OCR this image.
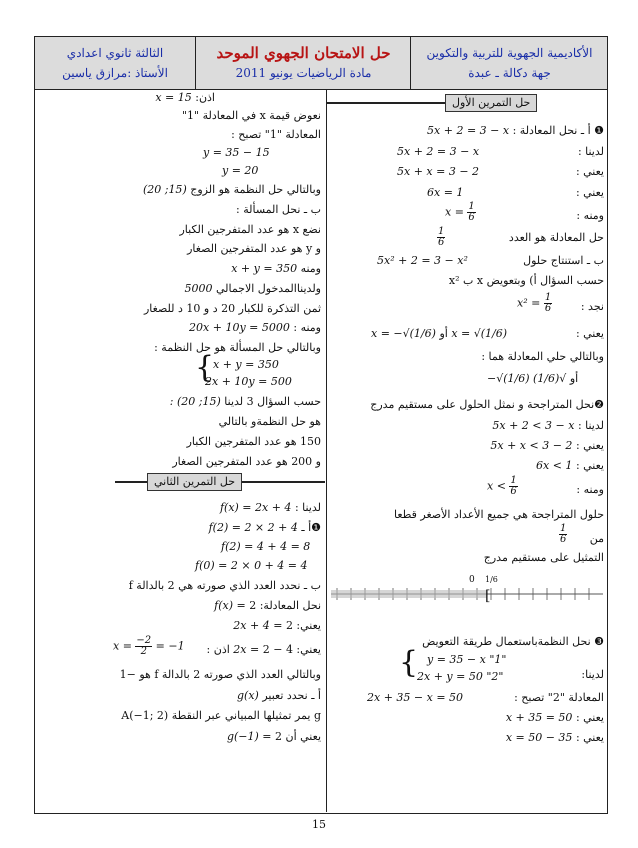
الثالثة ثانوي اعدادي
الأستاذ :مرازق ياسين
حل الامتحان الجهوي الموحد
مادة الرياضيات يونيو 2011
الأكاديمية الجهوية للتربية والتكوين
جهة دكالة ـ عبدة
اذن: x = 15
نعوض قيمة x في المعادلة "1"
المعادلة "1" تصبح :
y = 35 − 15
y = 20
وبالتالي حل النظمة هو الزوج (15; 20)
ب ـ نحل المسألة :
نضع x هو عدد المتفرجين الكبار
و y هو عدد المتفرجين الصغار
ومنه x + y = 350
ولديناالمدخول الاجمالي 5000
ثمن التذكرة للكبار 20 د و 10 د للصغار
ومنه : 20x + 10y = 5000
وبالتالي حل المسألة هو حل النظمة :
{
x + y = 350
2x + 10y = 500
حسب السؤال 3 لدينا (15; 20) :
هو حل النظمةو بالتالي
150 هو عدد المتفرجين الكبار
و 200 هو عدد المتفرجين الصغار
حل التمرين الثاني
لدينا : f(x) = 2x + 4
❶أ ـ f(2) = 2 × 2 + 4
f(2) = 4 + 4 = 8
f(0) = 2 × 0 + 4 = 4
ب ـ نحدد العدد الذي صورته هي 2 بالدالة f
نحل المعادلة: 2 = f(x)
يعني: 2 = 2x + 4
يعني: 4 − 2 = 2x اذن :
$x = \frac{-2}{2} = -1$
وبالتالي العدد الذي صورته 2 بالدالة f هو −1
أ ـ نحدد تعبير g(x)
g يمر تمثيلها المبياني عبر النقطة (A(−1; 2
يعني أن 2 = g(−1)
حل التمرين الأول
❶ أ ـ نحل المعادلة : 5x + 2 = 3 − x
لدينا :
5x + 2 = 3 − x
يعني :
5x + x = 3 − 2
يعني :
6x = 1
ومنه :
$x = \frac{1}{6}$
حل المعادلة هو العدد
$\frac{1}{6}$
ب ـ استنتاج حلول
5x² + 2 = 3 − x²
حسب السؤال أ) وبتعويض x ب x²
نجد :
$x^2 = \frac{1}{6}$
يعني :
x = −√(1/6) أو x = √(1/6)
وبالتالي حلي المعادلة هما :
−√(1/6)	أو √(1/6)
❷نحل المتراجحة و نمثل الحلول على مستقيم مدرج
لدينا : 5x + 2 < 3 − x
يعني : 5x + x < 3 − 2
يعني : 6x < 1
ومنه :
$x < \frac{1}{6}$
حلول المتراجحة هي جميع الأعداد الأصغر قطعا
من
$\frac{1}{6}$
التمثيل على مستقيم مدرج
[
0 1/6
❸ نحل النظمةباستعمال طريقة التعويض
لدينا:
{ y = 35 − x "1"
2x + y = 50 "2"
المعادلة "2" تصبح :
2x + 35 − x = 50
يعني : x + 35 = 50
يعني : x = 50 − 35
15
